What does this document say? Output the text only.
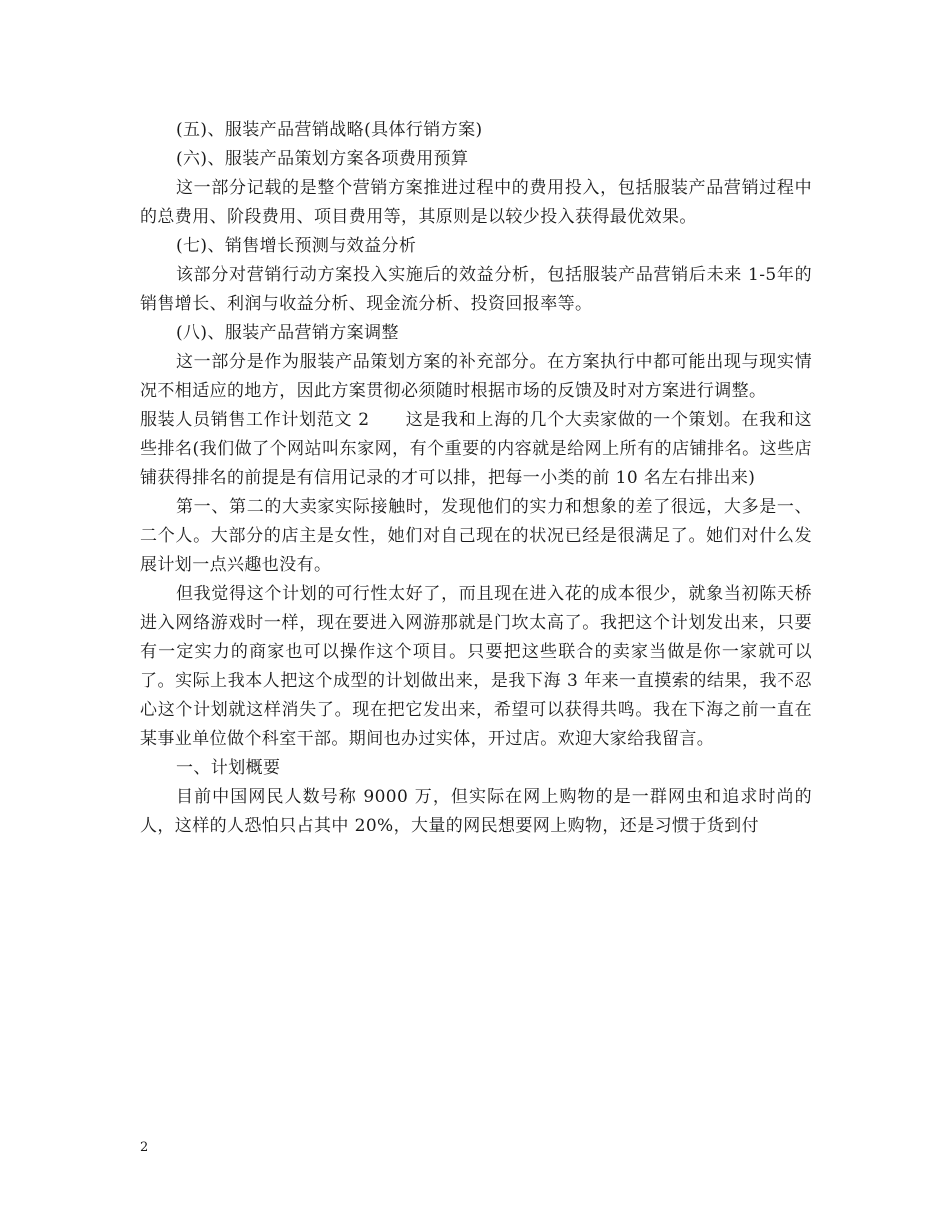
(五)、服装产品营销战略(具体行销方案)

(六)、服装产品策划方案各项费用预算

这一部分记载的是整个营销方案推进过程中的费用投入，包括服装产品营销过程中的总费用、阶段费用、项目费用等，其原则是以较少投入获得最优效果。

(七)、销售增长预测与效益分析

该部分对营销行动方案投入实施后的效益分析，包括服装产品营销后未来 1-5年的销售增长、利润与收益分析、现金流分析、投资回报率等。

(八)、服装产品营销方案调整

这一部分是作为服装产品策划方案的补充部分。在方案执行中都可能出现与现实情况不相适应的地方，因此方案贯彻必须随时根据市场的反馈及时对方案进行调整。

服装人员销售工作计划范文 2 这是我和上海的几个大卖家做的一个策划。在我和这些排名(我们做了个网站叫东家网，有个重要的内容就是给网上所有的店铺排名。这些店铺获得排名的前提是有信用记录的才可以排，把每一小类的前 10 名左右排出来)

第一、第二的大卖家实际接触时，发现他们的实力和想象的差了很远，大多是一、二个人。大部分的店主是女性，她们对自己现在的状况已经是很满足了。她们对什么发展计划一点兴趣也没有。

但我觉得这个计划的可行性太好了，而且现在进入花的成本很少，就象当初陈天桥进入网络游戏时一样，现在要进入网游那就是门坎太高了。我把这个计划发出来，只要有一定实力的商家也可以操作这个项目。只要把这些联合的卖家当做是你一家就可以了。实际上我本人把这个成型的计划做出来，是我下海 3 年来一直摸索的结果，我不忍心这个计划就这样消失了。现在把它发出来，希望可以获得共鸣。我在下海之前一直在某事业单位做个科室干部。期间也办过实体，开过店。欢迎大家给我留言。

一、计划概要

目前中国网民人数号称 9000 万，但实际在网上购物的是一群网虫和追求时尚的人，这样的人恐怕只占其中 20%，大量的网民想要网上购物，还是习惯于货到付

2
